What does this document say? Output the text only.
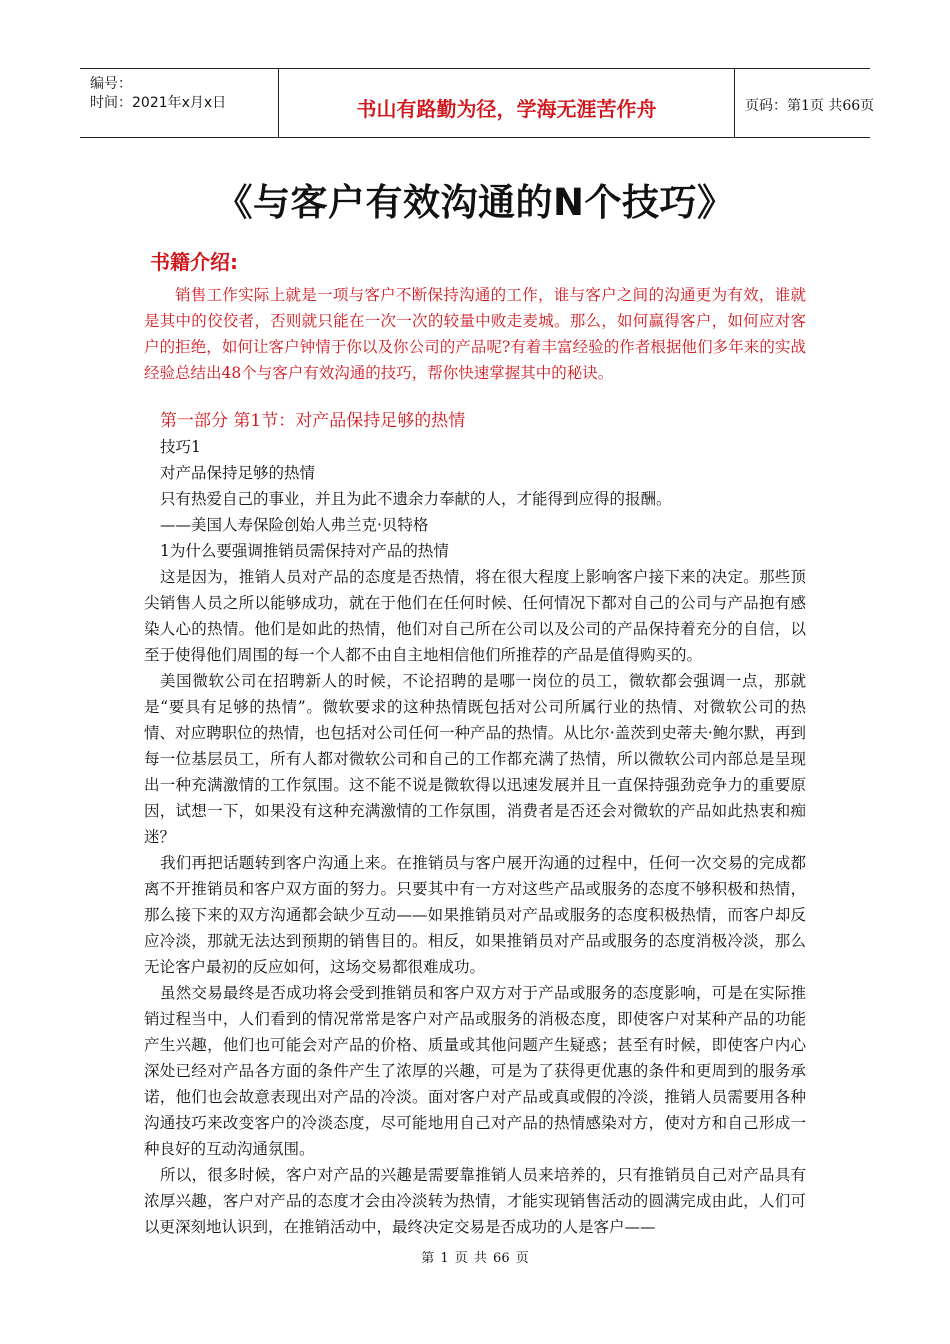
编号：
时间：2021年x月x日	书山有路勤为径，学海无涯苦作舟	页码：第1页 共66页
《与客户有效沟通的N个技巧》
书籍介绍:

销售工作实际上就是一项与客户不断保持沟通的工作，谁与客户之间的沟通更为有效，谁就是其中的佼佼者，否则就只能在一次一次的较量中败走麦城。那么，如何赢得客户，如何应对客户的拒绝，如何让客户钟情于你以及你公司的产品呢?有着丰富经验的作者根据他们多年来的实战经验总结出48个与客户有效沟通的技巧，帮你快速掌握其中的秘诀。

第一部分 第1节：对产品保持足够的热情

技巧1

对产品保持足够的热情

只有热爱自己的事业，并且为此不遗余力奉献的人，才能得到应得的报酬。

——美国人寿保险创始人弗兰克·贝特格

1为什么要强调推销员需保持对产品的热情

这是因为，推销人员对产品的态度是否热情，将在很大程度上影响客户接下来的决定。那些顶尖销售人员之所以能够成功，就在于他们在任何时候、任何情况下都对自己的公司与产品抱有感染人心的热情。他们是如此的热情，他们对自己所在公司以及公司的产品保持着充分的自信，以至于使得他们周围的每一个人都不由自主地相信他们所推荐的产品是值得购买的。

美国微软公司在招聘新人的时候，不论招聘的是哪一岗位的员工，微软都会强调一点，那就是“要具有足够的热情”。微软要求的这种热情既包括对公司所属行业的热情、对微软公司的热情、对应聘职位的热情，也包括对公司任何一种产品的热情。从比尔·盖茨到史蒂夫·鲍尔默，再到每一位基层员工，所有人都对微软公司和自己的工作都充满了热情，所以微软公司内部总是呈现出一种充满激情的工作氛围。这不能不说是微软得以迅速发展并且一直保持强劲竞争力的重要原因，试想一下，如果没有这种充满激情的工作氛围，消费者是否还会对微软的产品如此热衷和痴迷？

我们再把话题转到客户沟通上来。在推销员与客户展开沟通的过程中，任何一次交易的完成都离不开推销员和客户双方面的努力。只要其中有一方对这些产品或服务的态度不够积极和热情，那么接下来的双方沟通都会缺少互动——如果推销员对产品或服务的态度积极热情，而客户却反应冷淡，那就无法达到预期的销售目的。相反，如果推销员对产品或服务的态度消极冷淡，那么无论客户最初的反应如何，这场交易都很难成功。

虽然交易最终是否成功将会受到推销员和客户双方对于产品或服务的态度影响，可是在实际推销过程当中，人们看到的情况常常是客户对产品或服务的消极态度，即使客户对某种产品的功能产生兴趣，他们也可能会对产品的价格、质量或其他问题产生疑惑；甚至有时候，即使客户内心深处已经对产品各方面的条件产生了浓厚的兴趣，可是为了获得更优惠的条件和更周到的服务承诺，他们也会故意表现出对产品的冷淡。面对客户对产品或真或假的冷淡，推销人员需要用各种沟通技巧来改变客户的冷淡态度，尽可能地用自己对产品的热情感染对方，使对方和自己形成一种良好的互动沟通氛围。

所以，很多时候，客户对产品的兴趣是需要靠推销人员来培养的，只有推销员自己对产品具有浓厚兴趣，客户对产品的态度才会由冷淡转为热情，才能实现销售活动的圆满完成由此，人们可以更深刻地认识到，在推销活动中，最终决定交易是否成功的人是客户——

第 1 页 共 66 页
